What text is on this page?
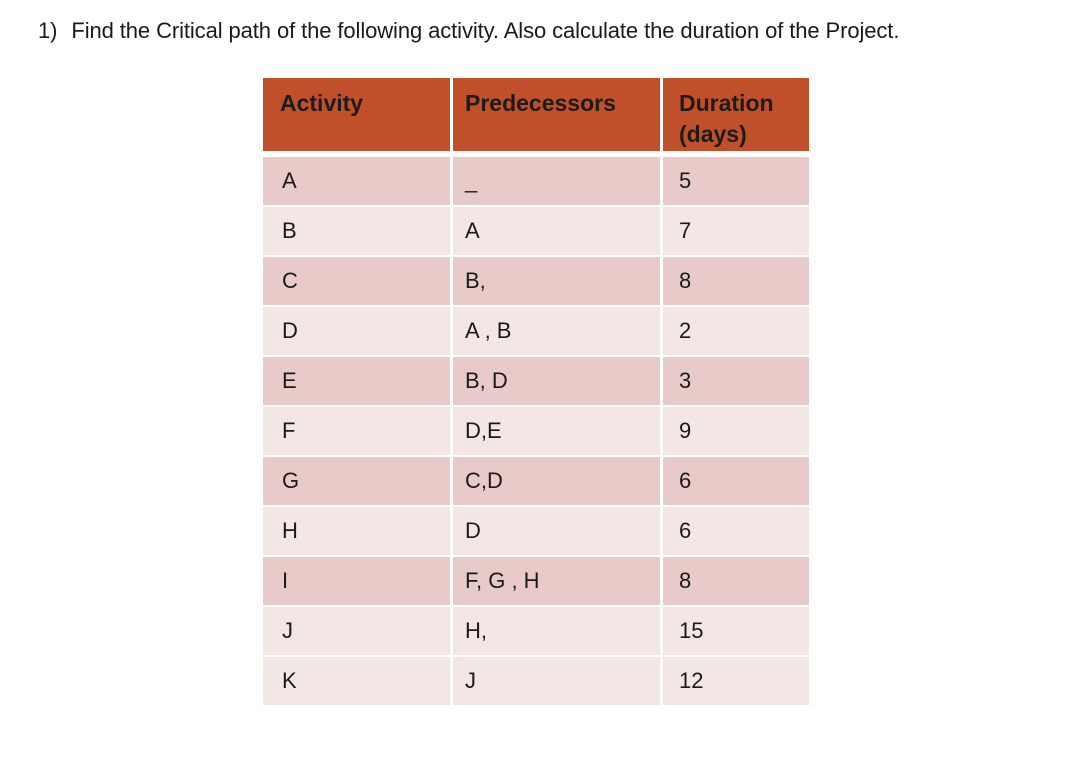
1) Find the Critical path of the following activity. Also calculate the duration of the Project.
Activity	Predecessors	Duration
(days)

A	_	5
B	A	7
C	B,	8
D	A , B	2
E	B, D	3
F	D,E	9
G	C,D	6
H	D	6
I	F, G , H	8
J	H,	15
K	J	12
